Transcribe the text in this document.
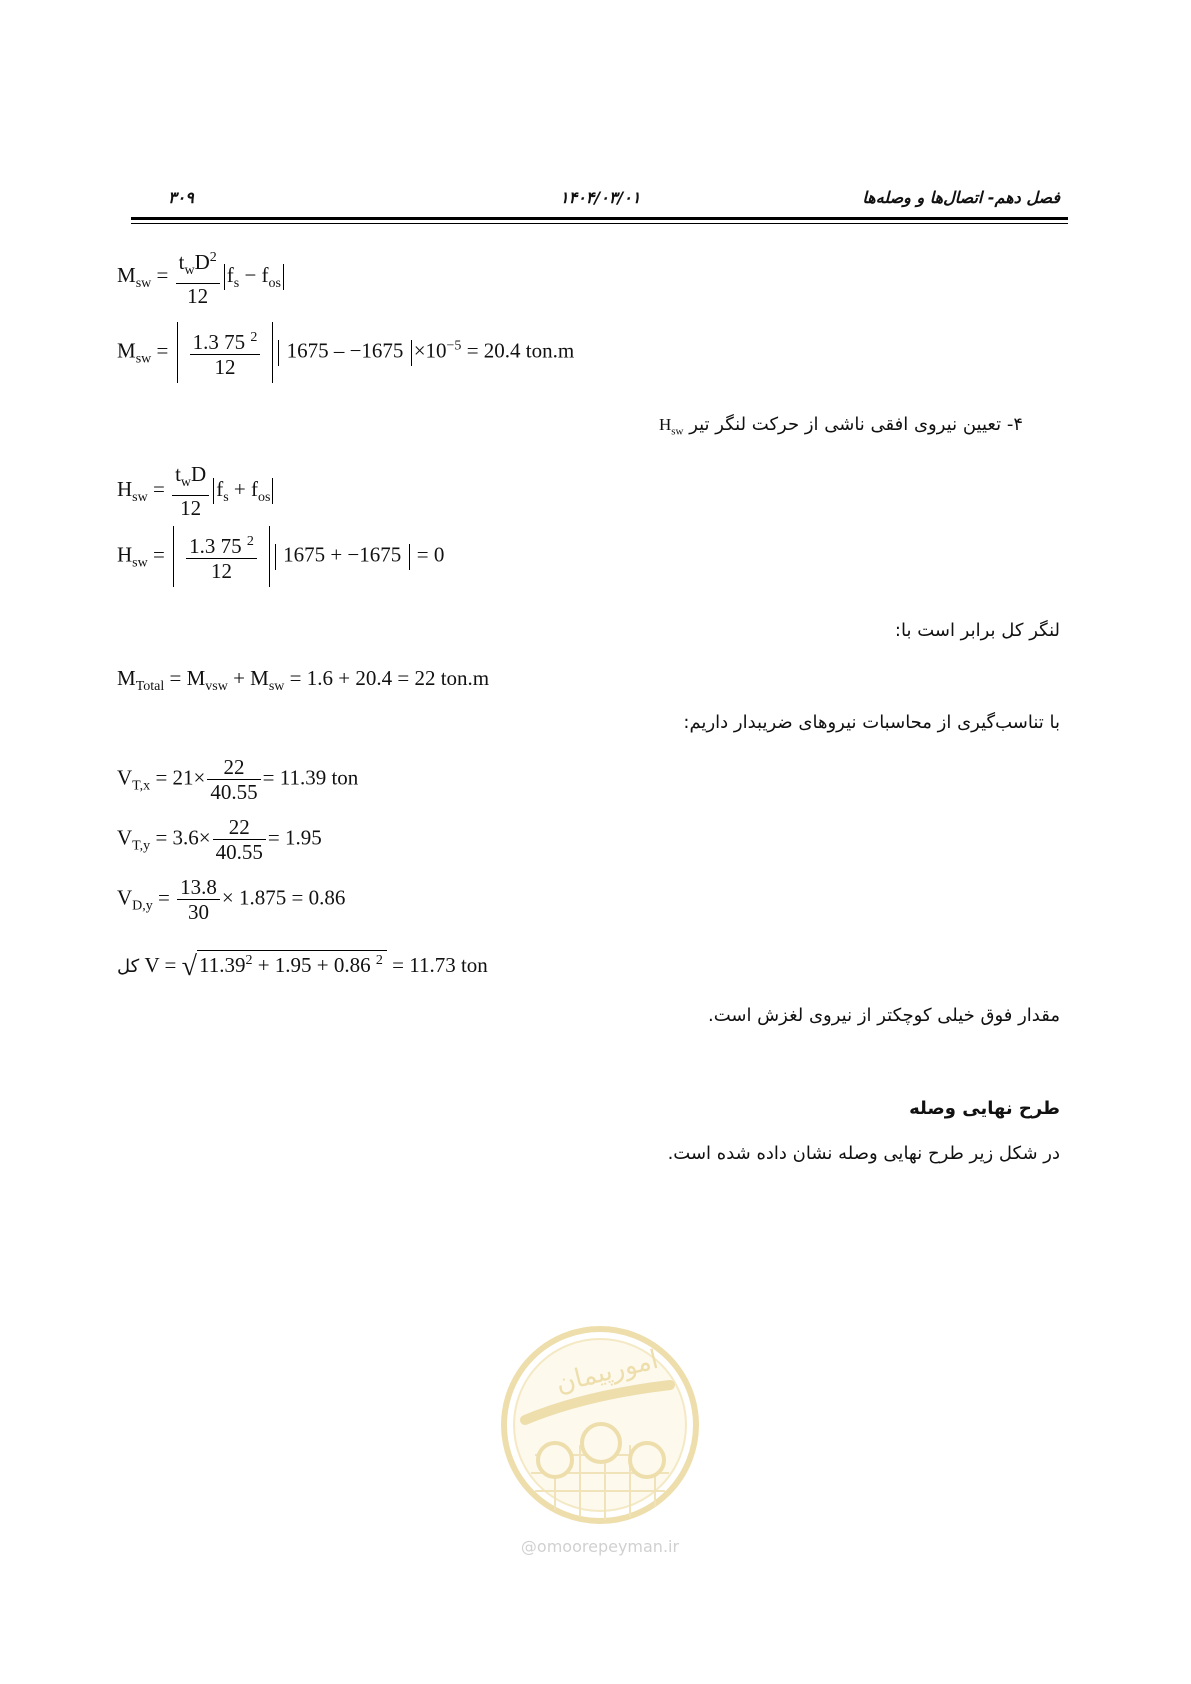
۳۰۹	۱۴۰۴/۰۳/۰۱	فصل دهم- اتصال‌ها و وصله‌ها
$M_{sw} = \frac{t_wD^2}{12} f_s - f_{os}$
$M_{sw} = \frac{1.3 75 ^2}{12} 1675 - -1675 \times 10^{-5} = 20.4$ ton.m
۴- تعیین نیروی افقی ناشی از حرکت لنگر تیر $H_{sw}$
$H_{sw} = \frac{t_wD}{12} f_s + f_{os}$
$H_{sw} = \frac{1.3 75 ^2}{12} 1675 + -1675 = 0$
لنگر کل برابر است با:
$M_{Total} = M_{vsw} + M_{sw} = 1.6 + 20.4 = 22$ ton.m
با تناسب‌گیری از محاسبات نیروهای ضریبدار داریم:
$V_{T,x} = 21\times \frac{22}{40.55} = 11.39$ ton
$V_{T,y} = 3.6\times \frac{22}{40.55} = 1.95$
$V_{D,y} = \frac{13.8}{30} \times 1.875 = 0.86$
کل $V = √11.39^2 + 1.95 + 0.86$ $^2$ = 11.73 ton
مقدار فوق خیلی کوچکتر از نیروی لغزش است.
طرح نهایی وصله
در شکل زیر طرح نهایی وصله نشان داده شده است.
امورپیمان
@omoorepeyman.ir
